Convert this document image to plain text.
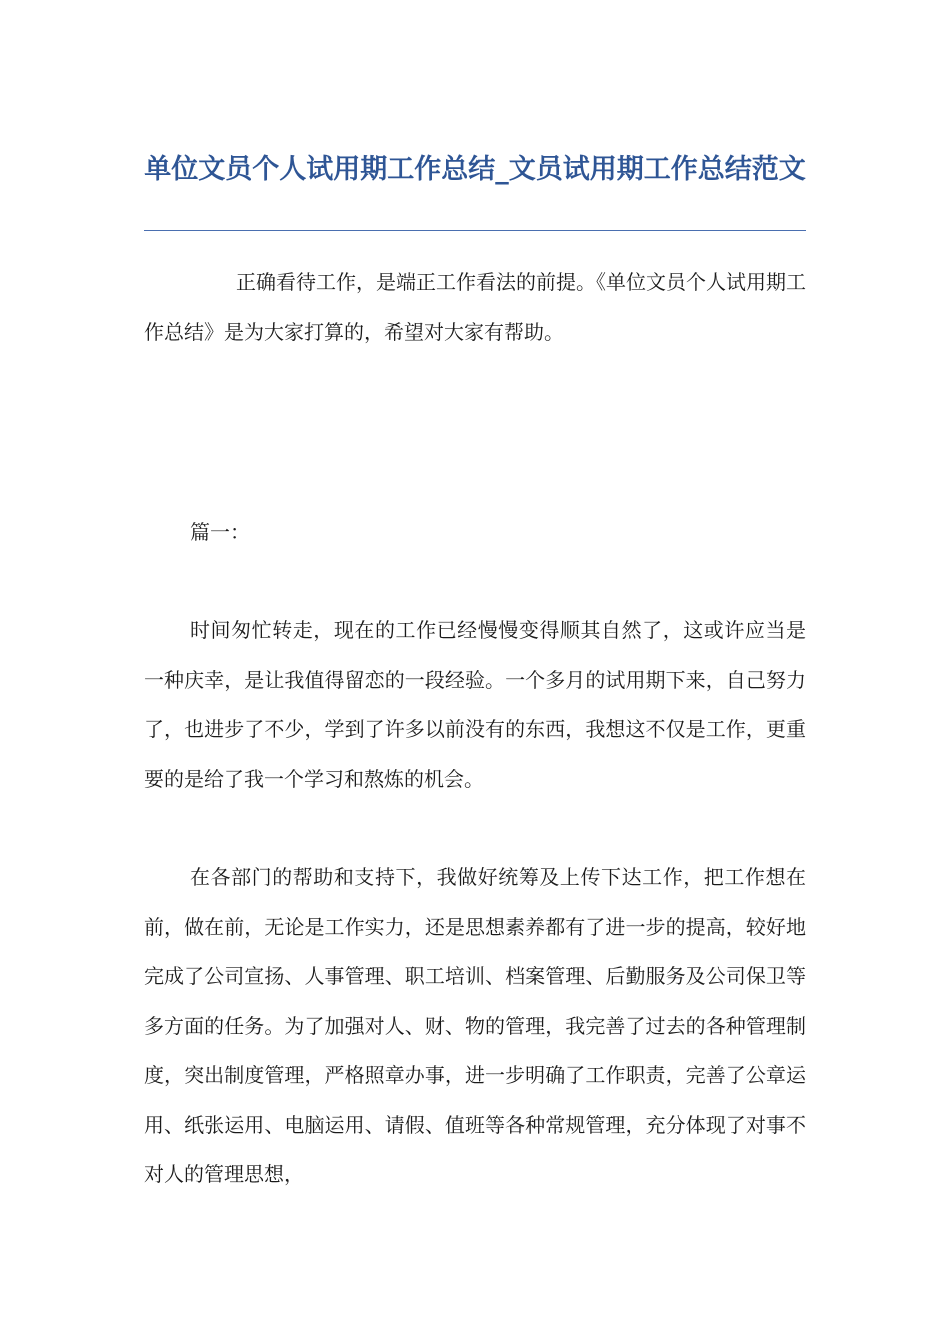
单位文员个人试用期工作总结_文员试用期工作总结范文

正确看待工作，是端正工作看法的前提。《单位文员个人试用期工作总结》是为大家打算的，希望对大家有帮助。

篇一：

时间匆忙转走，现在的工作已经慢慢变得顺其自然了，这或许应当是一种庆幸，是让我值得留恋的一段经验。一个多月的试用期下来，自己努力了，也进步了不少，学到了许多以前没有的东西，我想这不仅是工作，更重要的是给了我一个学习和熬炼的机会。

在各部门的帮助和支持下，我做好统筹及上传下达工作，把工作想在前，做在前，无论是工作实力，还是思想素养都有了进一步的提高，较好地完成了公司宣扬、人事管理、职工培训、档案管理、后勤服务及公司保卫等多方面的任务。为了加强对人、财、物的管理，我完善了过去的各种管理制度，突出制度管理，严格照章办事，进一步明确了工作职责，完善了公章运用、纸张运用、电脑运用、请假、值班等各种常规管理，充分体现了对事不对人的管理思想，
